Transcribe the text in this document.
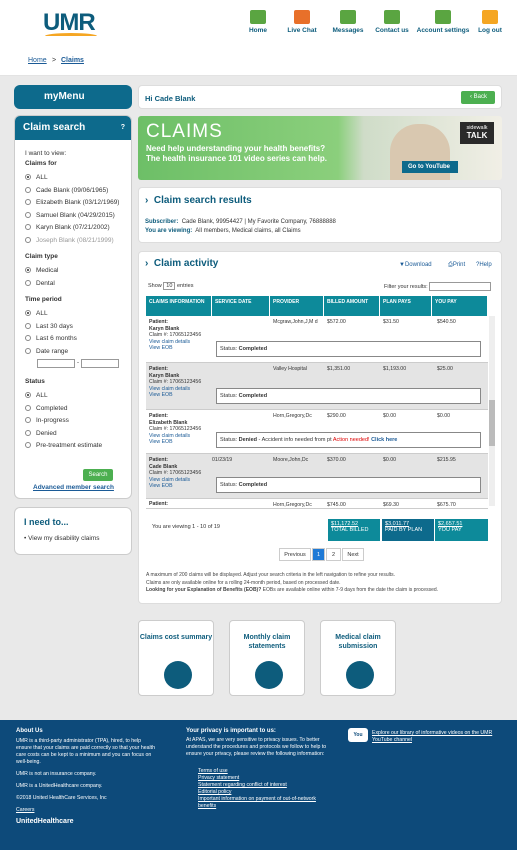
UMR
Home > Claims
myMenu
Claim search	?
I want to view:
Claims for
ALL
Cade Blank (09/06/1965)
Elizabeth Blank (03/12/1969)
Samuel Blank (04/29/2015)
Karyn Blank (07/21/2002)
Joseph Blank (08/21/1999)
Claim type
Medical
Dental
Time period
ALL
Last 30 days
Last 6 months
Date range
-
Status
ALL
Completed
In-progress
Denied
Pre-treatment estimate
Search
Advanced member search
I need to...
• View my disability claims
Hi Cade Blank	‹ Back
CLAIMS
Need help understanding your health benefits?
The health insurance 101 video series can help.
sidewalk
TALK
Go to YouTube
›  Claim search results
Subscriber: Cade Blank, 99954427 | My Favorite Company, 76888888
You are viewing: All members, Medical claims, all Claims
›  Claim activity	▼Download	⎙Print ?Help
Show 10 entries	Filter your results:
CLAIMS INFORMATION	SERVICE DATE	PROVIDER	BILLED AMOUNT	PLAN PAYS	YOU PAY
Patient:
Karyn Blank
Claim #: 17065123456
View claim details
View EOB
Mcgraw,John,J,M d	$572.00	$31.50	$540.50
Status: Completed
Patient:
Karyn Blank
Claim #: 17065123456
View claim details
View EOB
Valley Hospital	$1,351.00	$1,193.00	$25.00
Status: Completed
Patient:
Elizabeth Blank
Claim #: 17065123456
View claim details
View EOB
Horn,Gregory,Dc	$290.00	$0.00	$0.00
Status: Denied - Accident info needed from pt Action needed! Click here
Patient:
Cade Blank
Claim #: 17065123456
View claim details
View EOB
01/23/19	Moore,John,Dc	$370.00	$0.00	$215.95
Status: Completed
Patient:	Horn,Gregory,Dc	$745.00	$69.30	$675.70
You are viewing 1 - 10 of 19	$11,172.52
TOTAL BILLED
$3,011.77
PAID BY PLAN
$2,657.51
YOU PAY
Previous	1	2	Next
A maximum of 200 claims will be displayed. Adjust your search criteria in the left navigation to refine your results.
Claims are only available online for a rolling 24-month period, based on processed date.
Looking for your Explanation of Benefits (EOB)? EOBs are available online within 7-9 days from the date the claim is processed.
Claims cost summary	Monthly claim statements
Medical claim submission
About Us
UMR is a third-party administrator (TPA), hired, to help ensure that your claims are paid correctly so that your health care costs can be kept to a minimum and you can focus on well-being.
UMR is not an insurance company.
UMR is a UnitedHealthcare company.
©2018 United HealthCare Services, Inc
Careers
UnitedHealthcare
Your privacy is important to us:
At APAS, we are very sensitive to privacy issues. To better understand the procedures and protocols we follow to help to ensure your privacy, please review the following information:
Terms of use
Privacy statement
Statement regarding conflict of interest
Editorial policy
Important information on payment of out-of-network benefits
You	Explore our library of informative videos on the UMR YouTube channel
Home	Live Chat	Messages	Contact us	Account settings	Log out
